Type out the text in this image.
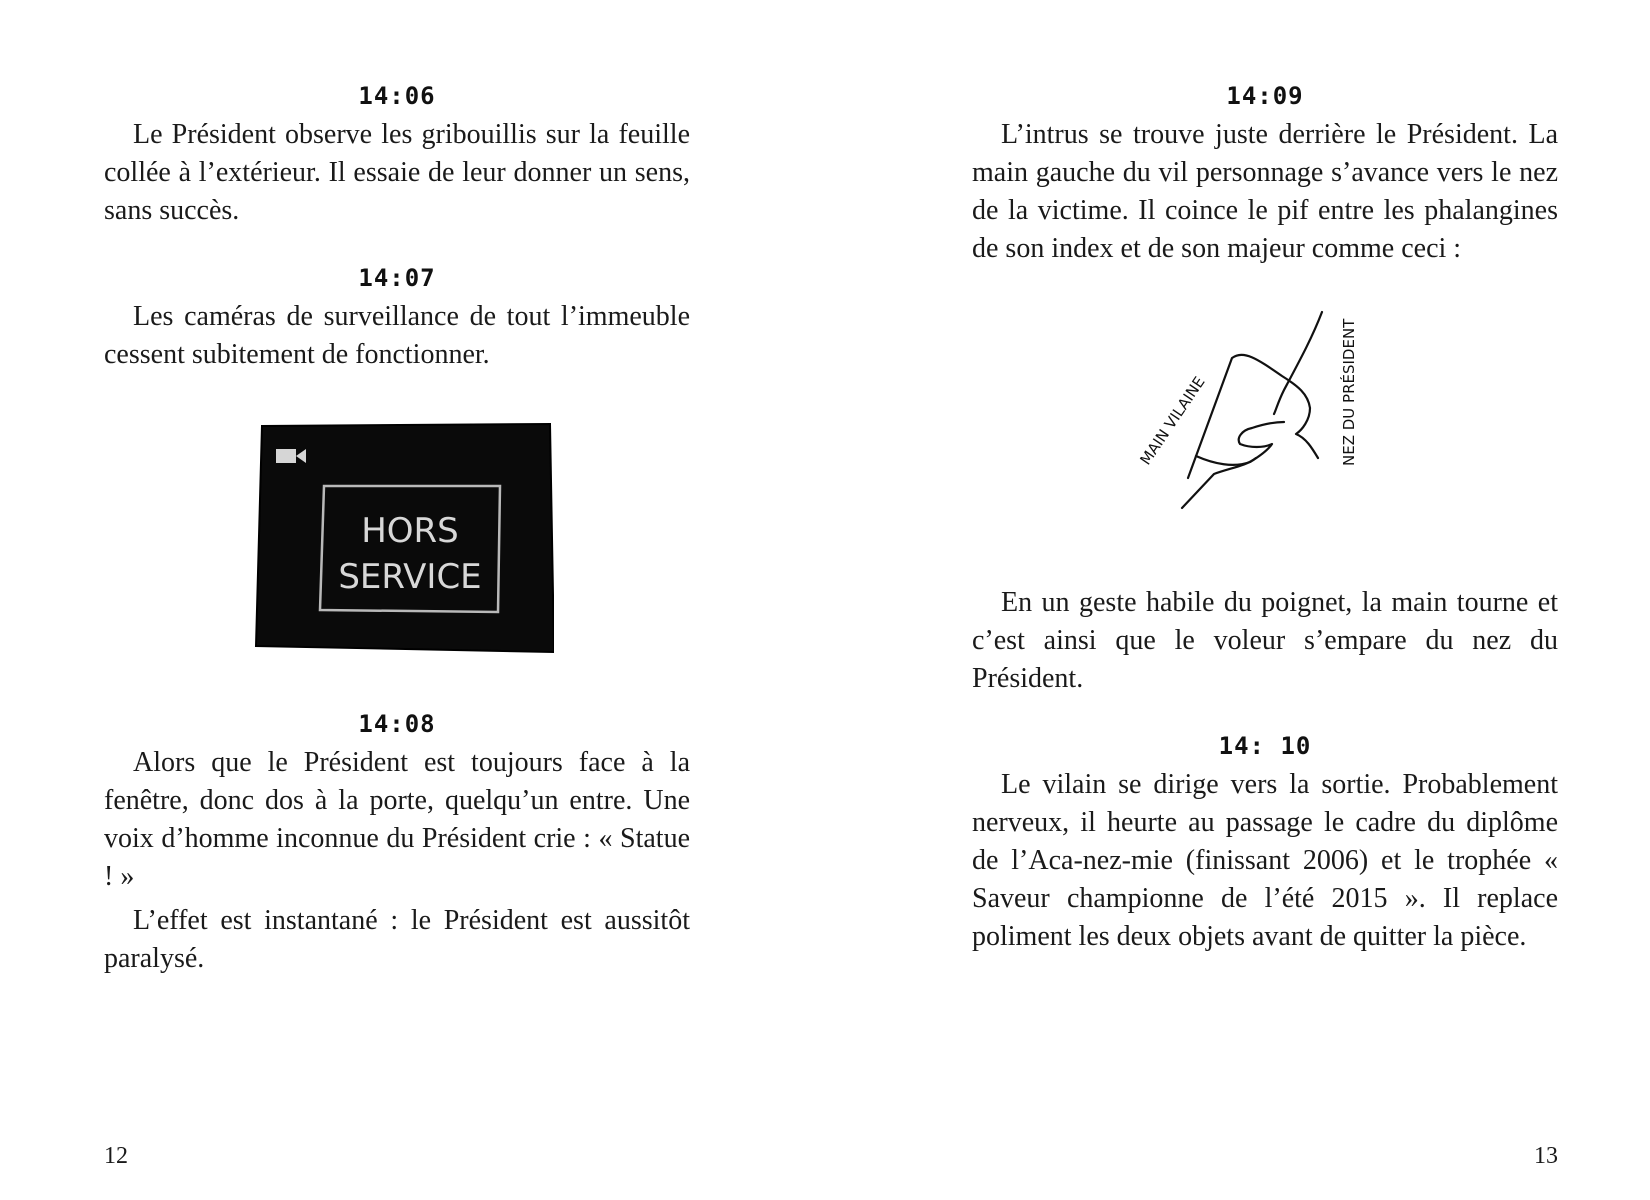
14:06

Le Président observe les gribouillis sur la feuille collée à l’extérieur. Il essaie de leur donner un sens, sans succès.

14:07

Les caméras de surveillance de tout l’immeuble cessent subitement de fonctionner.

HORS
SERVICE
14:08

Alors que le Président est toujours face à la fenêtre, donc dos à la porte, quelqu’un entre. Une voix d’homme inconnue du Président crie : « Statue ! »

L’effet est instantané : le Président est aussitôt paralysé.

12
14:09

L’intrus se trouve juste derrière le Président. La main gauche du vil personnage s’avance vers le nez de la victime. Il coince le pif entre les phalangines de son index et de son majeur comme ceci :

MAIN VILAINE	NEZ DU PRÉSIDENT

En un geste habile du poignet, la main tourne et c’est ainsi que le voleur s’empare du nez du Président.

14: 10

Le vilain se dirige vers la sortie. Probablement nerveux, il heurte au passage le cadre du diplôme de l’Aca-nez-mie (finissant 2006) et le trophée « Saveur championne de l’été 2015 ». Il replace poliment les deux objets avant de quitter la pièce.

13
